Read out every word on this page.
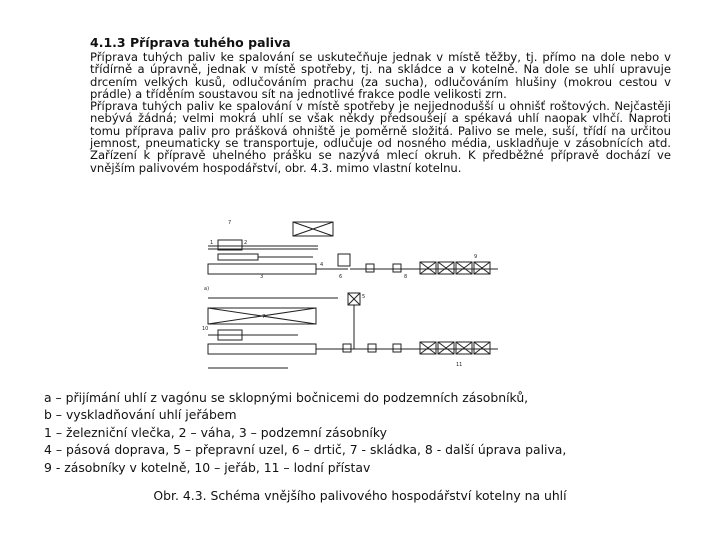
4.1.3 Příprava tuhého paliva

Příprava tuhých paliv ke spalování se uskutečňuje jednak v místě těžby, tj. přímo na dole nebo v třídírně a úpravně, jednak v místě spotřeby, tj. na skládce a v kotelně. Na dole se uhlí upravuje drcením velkých kusů, odlučováním prachu (za sucha), odlučováním hlušiny (mokrou cestou v prádle) a tříděním soustavou sít na jednotlivé frakce podle velikosti zrn.

Příprava tuhých paliv ke spalování v místě spotřeby je nejjednodušší u ohnišť roštových. Nejčastěji nebývá žádná; velmi mokrá uhlí se však někdy předsoušejí a spékavá uhlí naopak vlhčí. Naproti tomu příprava paliv pro prášková ohniště je poměrně složitá. Palivo se mele, suší, třídí na určitou jemnost, pneumaticky se transportuje, odlučuje od nosného média, uskladňuje v zásobnících atd. Zařízení k přípravě uhelného prášku se nazývá mlecí okruh. K předběžné přípravě dochází ve vnějším palivovém hospodářství, obr. 4.3. mimo vlastní kotelnu.

7
a)
1	2
3
4
5
6
7
8
9
10
11
a – přijímání uhlí z vagónu se sklopnými bočnicemi do podzemních zásobníků,
b – vyskladňování uhlí jeřábem
1 – železniční vlečka, 2 – váha, 3 – podzemní zásobníky
4 – pásová doprava, 5 – přepravní uzel, 6 – drtič, 7 - skládka, 8 - další úprava paliva,
9 - zásobníky v kotelně, 10 – jeřáb, 11 – lodní přístav
Obr. 4.3. Schéma vnějšího palivového hospodářství kotelny na uhlí
